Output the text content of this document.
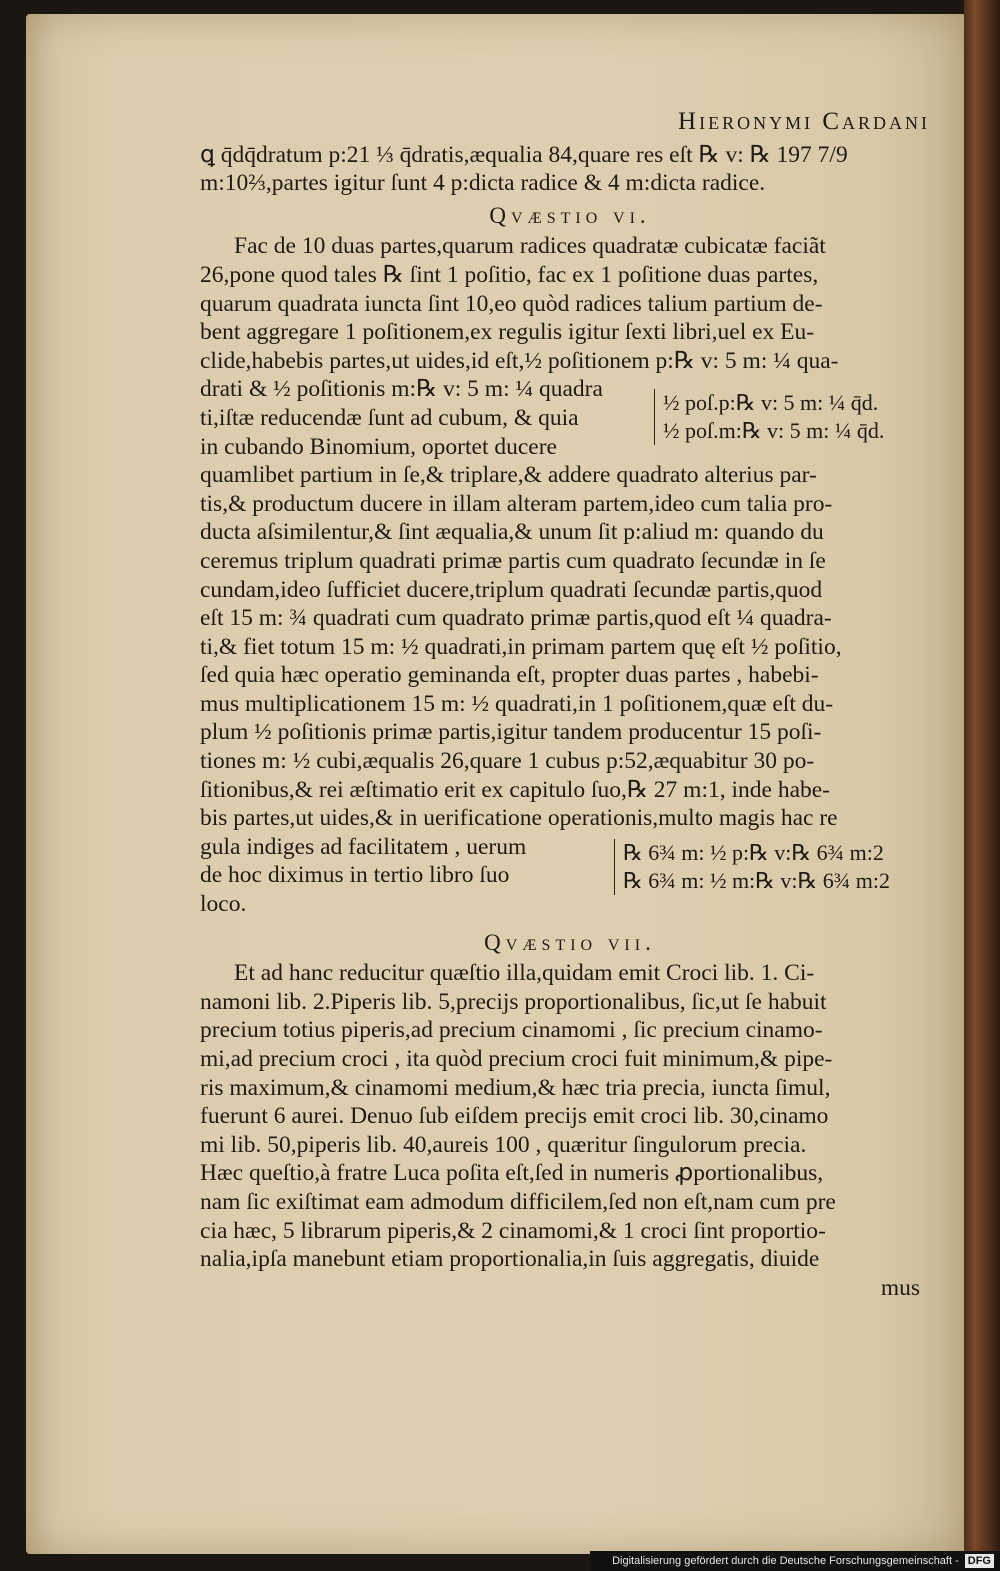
Hieronymi Cardani
ꝗ q̄dq̄dratum p:21 ⅓ q̄dratis,æqualia 84,quare res eſt ℞ v: ℞ 197 7/9
m:10⅔,partes igitur ſunt 4 p:dicta radice & 4 m:dicta radice.
Qvæstio vi.
Fac de 10 duas partes,quarum radices quadratæ cubicatæ faciãt
26,pone quod tales ℞ ſint 1 poſitio, fac ex 1 poſitione duas partes,
quarum quadrata iuncta ſint 10,eo quòd radices talium partium de-
bent aggregare 1 poſitionem,ex regulis igitur ſexti libri,uel ex Eu-
clide,habebis partes,ut uides,id eſt,½ poſitionem p:℞ v: 5 m: ¼ qua-
drati & ½ poſitionis m:℞ v: 5 m: ¼ quadra
ti,iſtæ reducendæ ſunt ad cubum, & quia
in cubando Binomium, oportet ducere
½ poſ.p:℞ v: 5 m: ¼ q̄d.
½ poſ.m:℞ v: 5 m: ¼ q̄d.
quamlibet partium in ſe,& triplare,& addere quadrato alterius par-
tis,& productum ducere in illam alteram partem,ideo cum talia pro-
ducta aſsimilentur,& ſint æqualia,& unum ſit p:aliud m: quando du
ceremus triplum quadrati primæ partis cum quadrato ſecundæ in ſe
cundam,ideo ſufficiet ducere,triplum quadrati ſecundæ partis,quod
eſt 15 m: ¾ quadrati cum quadrato primæ partis,quod eſt ¼ quadra-
ti,& fiet totum 15 m: ½ quadrati,in primam partem quę eſt ½ poſitio,
ſed quia hæc operatio geminanda eſt, propter duas partes , habebi-
mus multiplicationem 15 m: ½ quadrati,in 1 poſitionem,quæ eſt du-
plum ½ poſitionis primæ partis,igitur tandem producentur 15 poſi-
tiones m: ½ cubi,æqualis 26,quare 1 cubus p:52,æquabitur 30 po-
ſitionibus,& rei æſtimatio erit ex capitulo ſuo,℞ 27 m:1, inde habe-
bis partes,ut uides,& in uerificatione operationis,multo magis hac re
gula indiges ad facilitatem , uerum
de hoc diximus in tertio libro ſuo
loco.
℞ 6¾ m: ½ p:℞ v:℞ 6¾ m:2
℞ 6¾ m: ½ m:℞ v:℞ 6¾ m:2
Qvæstio vii.
Et ad hanc reducitur quæſtio illa,quidam emit Croci lib. 1. Ci-
namoni lib. 2.Piperis lib. 5,precijs proportionalibus, ſic,ut ſe habuit
precium totius piperis,ad precium cinamomi , ſic precium cinamo-
mi,ad precium croci , ita quòd precium croci fuit minimum,& pipe-
ris maximum,& cinamomi medium,& hæc tria precia, iuncta ſimul,
fuerunt 6 aurei. Denuo ſub eiſdem precijs emit croci lib. 30,cinamo
mi lib. 50,piperis lib. 40,aureis 100 , quæritur ſingulorum precia.
Hæc queſtio,à fratre Luca poſita eſt,ſed in numeris ꝓportionalibus,
nam ſic exiſtimat eam admodum difficilem,ſed non eſt,nam cum pre
cia hæc, 5 librarum piperis,& 2 cinamomi,& 1 croci ſint proportio-
nalia,ipſa manebunt etiam proportionalia,in ſuis aggregatis, diuide
mus
Digitalisierung gefördert durch die Deutsche Forschungsgemeinschaft - DFG
